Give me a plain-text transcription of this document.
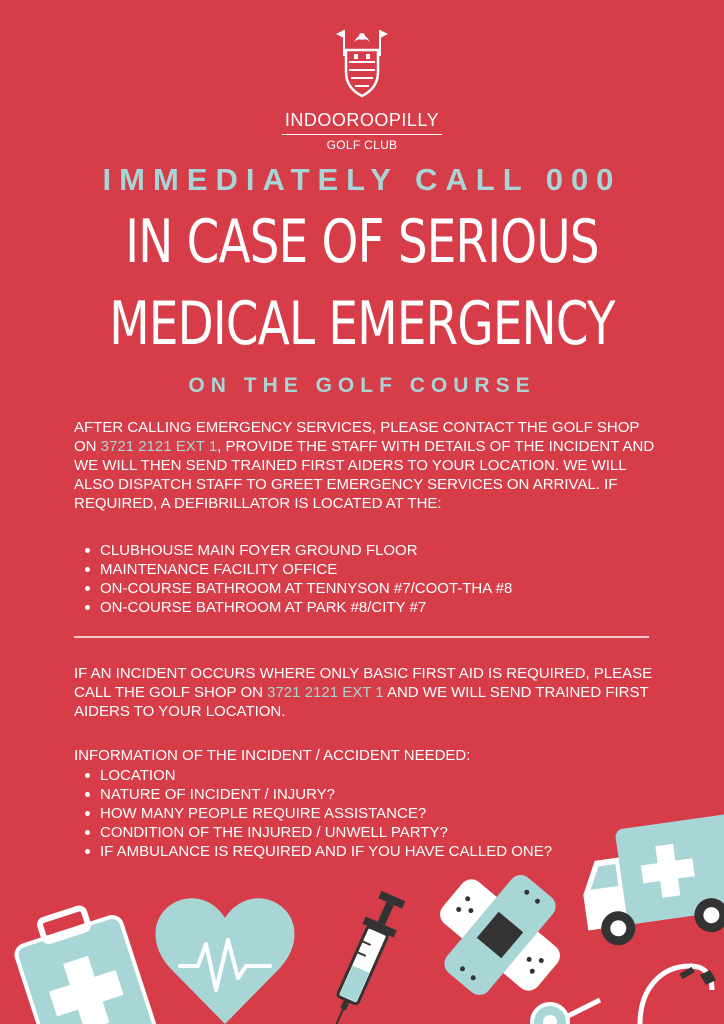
INDOOROOPILLY
GOLF CLUB
IMMEDIATELY CALL 000
IN CASE OF SERIOUS
MEDICAL EMERGENCY
ON THE GOLF COURSE
AFTER CALLING EMERGENCY SERVICES, PLEASE CONTACT THE GOLF SHOP ON 3721 2121 EXT 1, PROVIDE THE STAFF WITH DETAILS OF THE INCIDENT AND WE WILL THEN SEND TRAINED FIRST AIDERS TO YOUR LOCATION. WE WILL ALSO DISPATCH STAFF TO GREET EMERGENCY SERVICES ON ARRIVAL. IF REQUIRED, A DEFIBRILLATOR IS LOCATED AT THE:
CLUBHOUSE MAIN FOYER GROUND FLOOR
MAINTENANCE FACILITY OFFICE
ON-COURSE BATHROOM AT TENNYSON #7/COOT-THA #8
ON-COURSE BATHROOM AT PARK #8/CITY #7
IF AN INCIDENT OCCURS WHERE ONLY BASIC FIRST AID IS REQUIRED, PLEASE CALL THE GOLF SHOP ON 3721 2121 EXT 1 AND WE WILL SEND TRAINED FIRST AIDERS TO YOUR LOCATION.
INFORMATION OF THE INCIDENT / ACCIDENT NEEDED:
LOCATION
NATURE OF INCIDENT / INJURY?
HOW MANY PEOPLE REQUIRE ASSISTANCE?
CONDITION OF THE INJURED / UNWELL PARTY?
IF AMBULANCE IS REQUIRED AND IF YOU HAVE CALLED ONE?
